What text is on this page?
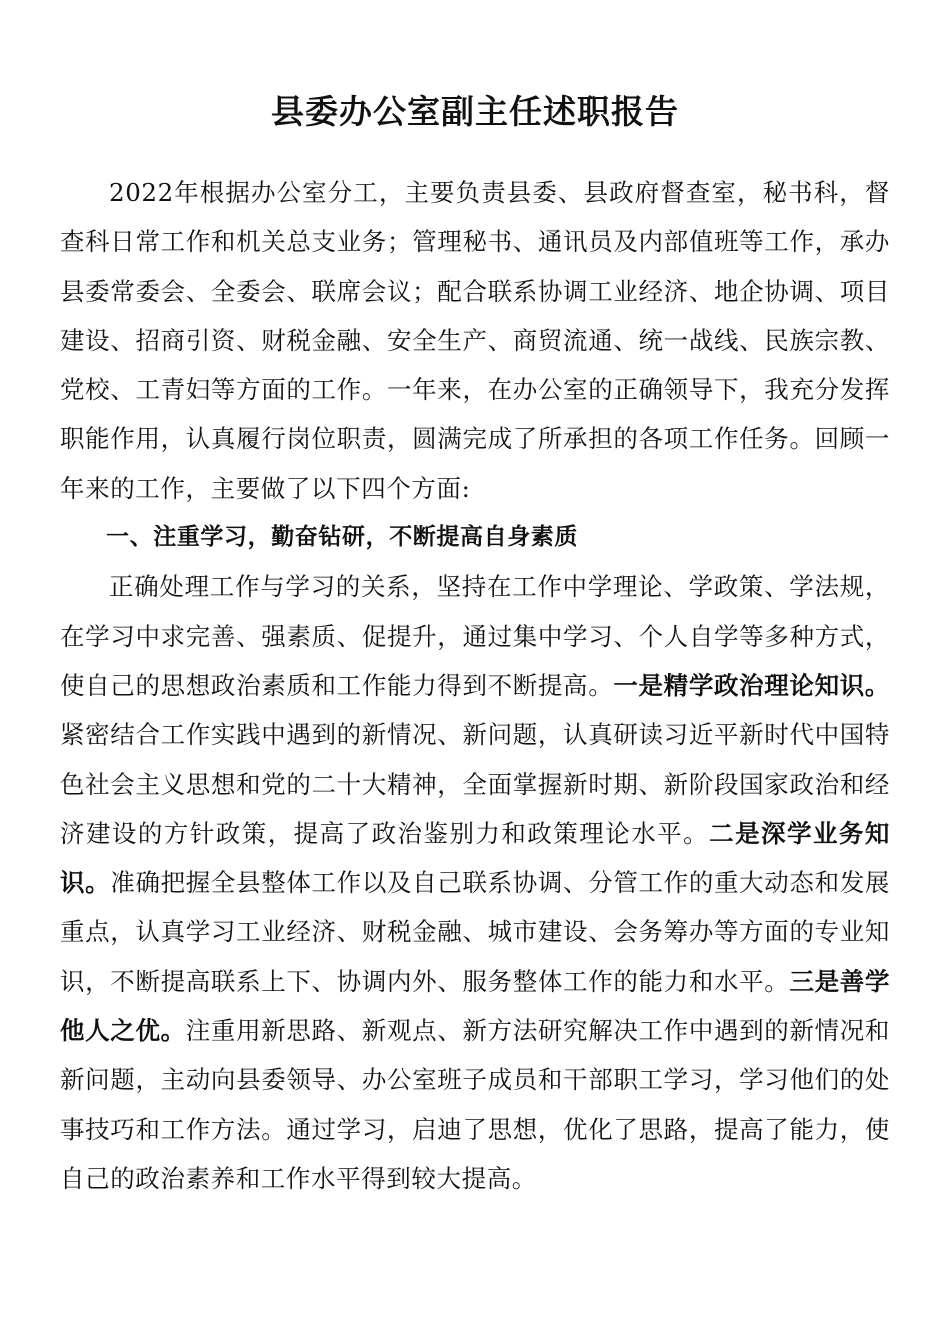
县委办公室副主任述职报告

2022年根据办公室分工，主要负责县委、县政府督查室，秘书科，督查科日常工作和机关总支业务；管理秘书、通讯员及内部值班等工作，承办县委常委会、全委会、联席会议；配合联系协调工业经济、地企协调、项目建设、招商引资、财税金融、安全生产、商贸流通、统一战线、民族宗教、党校、工青妇等方面的工作。一年来，在办公室的正确领导下，我充分发挥职能作用，认真履行岗位职责，圆满完成了所承担的各项工作任务。回顾一年来的工作，主要做了以下四个方面:

一、注重学习，勤奋钻研，不断提高自身素质

正确处理工作与学习的关系，坚持在工作中学理论、学政策、学法规，在学习中求完善、强素质、促提升，通过集中学习、个人自学等多种方式，使自己的思想政治素质和工作能力得到不断提高。一是精学政治理论知识。紧密结合工作实践中遇到的新情况、新问题，认真研读习近平新时代中国特色社会主义思想和党的二十大精神，全面掌握新时期、新阶段国家政治和经济建设的方针政策，提高了政治鉴别力和政策理论水平。二是深学业务知识。准确把握全县整体工作以及自己联系协调、分管工作的重大动态和发展重点，认真学习工业经济、财税金融、城市建设、会务筹办等方面的专业知识，不断提高联系上下、协调内外、服务整体工作的能力和水平。三是善学他人之优。注重用新思路、新观点、新方法研究解决工作中遇到的新情况和新问题，主动向县委领导、办公室班子成员和干部职工学习，学习他们的处事技巧和工作方法。通过学习，启迪了思想，优化了思路，提高了能力，使自己的政治素养和工作水平得到较大提高。
